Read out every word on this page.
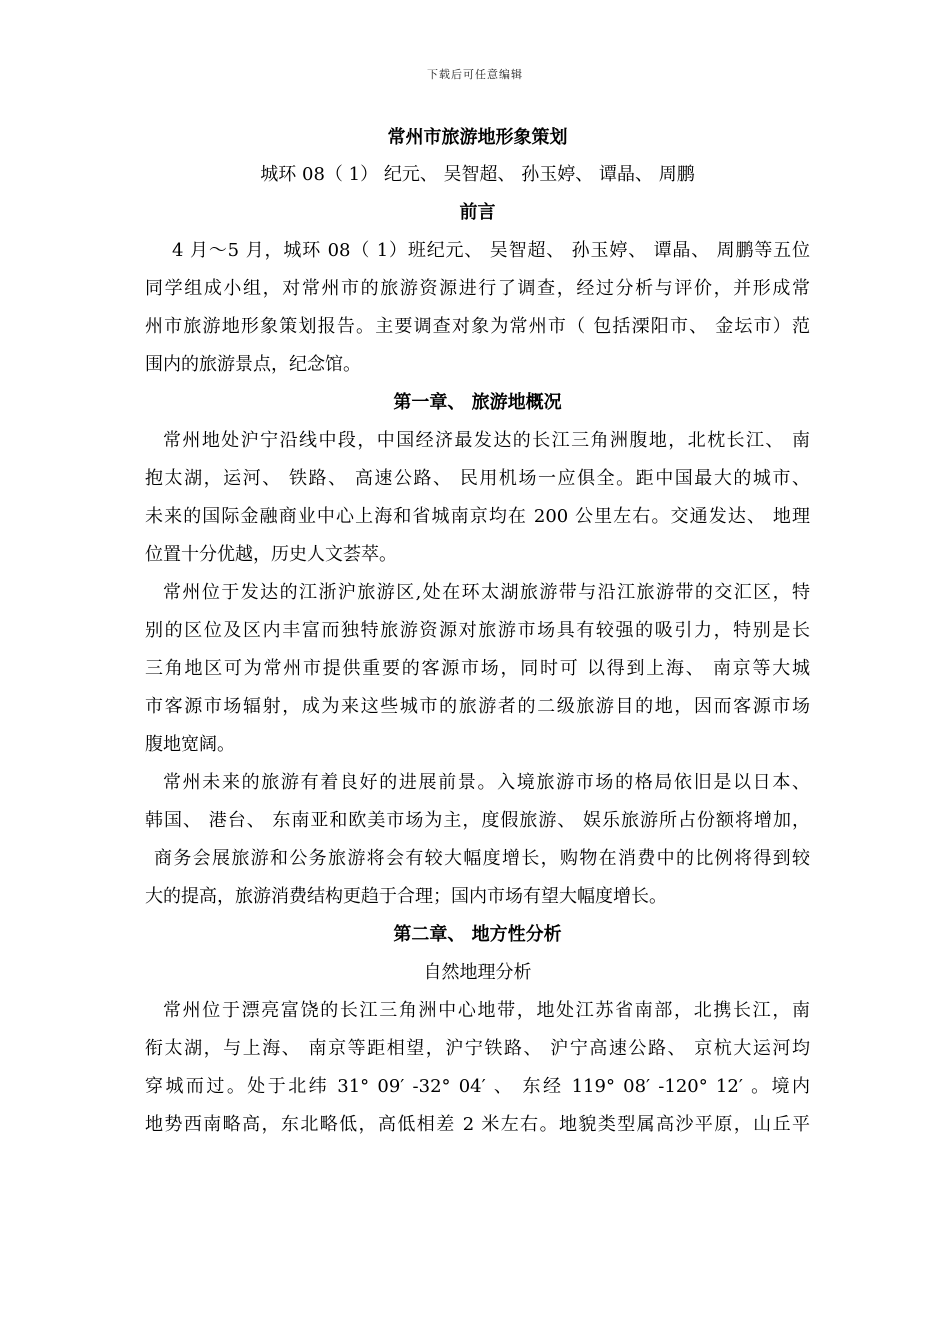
下载后可任意编辑
常州市旅游地形象策划
城环 08（ 1） 纪元、 吴智超、 孙玉婷、 谭晶、 周鹏
前言
4 月～5 月，城环 08（ 1）班纪元、 吴智超、 孙玉婷、 谭晶、 周鹏等五位
同学组成小组，对常州市的旅游资源进行了调查，经过分析与评价，并形成常
州市旅游地形象策划报告。主要调查对象为常州市（ 包括溧阳市、 金坛市）范
围内的旅游景点，纪念馆。
第一章、 旅游地概况
常州地处沪宁沿线中段，中国经济最发达的长江三角洲腹地，北枕长江、 南
抱太湖，运河、 铁路、 高速公路、 民用机场一应俱全。距中国最大的城市、
未来的国际金融商业中心上海和省城南京均在 200 公里左右。交通发达、 地理
位置十分优越，历史人文荟萃。
常州位于发达的江浙沪旅游区,处在环太湖旅游带与沿江旅游带的交汇区，特
别的区位及区内丰富而独特旅游资源对旅游市场具有较强的吸引力，特别是长
三角地区可为常州市提供重要的客源市场，同时可 以得到上海、 南京等大城
市客源市场辐射，成为来这些城市的旅游者的二级旅游目的地，因而客源市场
腹地宽阔。
常州未来的旅游有着良好的进展前景。入境旅游市场的格局依旧是以日本、
韩国、 港台、 东南亚和欧美市场为主，度假旅游、 娱乐旅游所占份额将增加，
商务会展旅游和公务旅游将会有较大幅度增长，购物在消费中的比例将得到较
大的提高，旅游消费结构更趋于合理；国内市场有望大幅度增长。
第二章、 地方性分析
自然地理分析
常州位于漂亮富饶的长江三角洲中心地带，地处江苏省南部，北携长江，南
衔太湖，与上海、 南京等距相望，沪宁铁路、 沪宁高速公路、 京杭大运河均
穿城而过。处于北纬 31° 09′ -32° 04′ 、 东经 119° 08′ -120° 12′ 。境内
地势西南略高，东北略低，高低相差 2 米左右。地貌类型属高沙平原，山丘平
